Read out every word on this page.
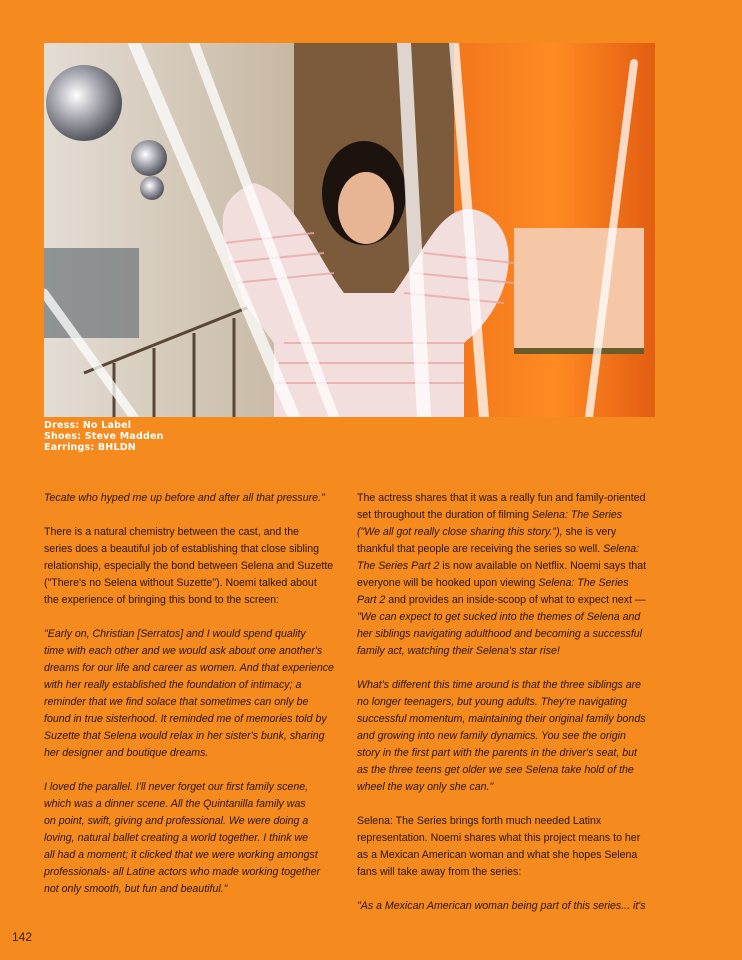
Dress: No Label
Shoes: Steve Madden
Earrings: BHLDN

Tecate who hyped me up before and after all that pressure."

There is a natural chemistry between the cast, and the
series does a beautiful job of establishing that close sibling
relationship, especially the bond between Selena and Suzette
("There's no Selena without Suzette"). Noemi talked about
the experience of bringing this bond to the screen:

"Early on, Christian [Serratos] and I would spend quality
time with each other and we would ask about one another's
dreams for our life and career as women. And that experience
with her really established the foundation of intimacy; a
reminder that we find solace that sometimes can only be
found in true sisterhood. It reminded me of memories told by
Suzette that Selena would relax in her sister's bunk, sharing
her designer and boutique dreams.

I loved the parallel. I'll never forget our first family scene,
which was a dinner scene. All the Quintanilla family was
on point, swift, giving and professional. We were doing a
loving, natural ballet creating a world together. I think we
all had a moment; it clicked that we were working amongst
professionals- all Latine actors who made working together
not only smooth, but fun and beautiful."

The actress shares that it was a really fun and family-oriented
set throughout the duration of filming Selena: The Series
("We all got really close sharing this story."), she is very
thankful that people are receiving the series so well. Selena:
The Series Part 2 is now available on Netflix. Noemi says that
everyone will be hooked upon viewing Selena: The Series
Part 2 and provides an inside-scoop of what to expect next —
"We can expect to get sucked into the themes of Selena and
her siblings navigating adulthood and becoming a successful
family act, watching their Selena's star rise!

What's different this time around is that the three siblings are
no longer teenagers, but young adults. They're navigating
successful momentum, maintaining their original family bonds
and growing into new family dynamics. You see the origin
story in the first part with the parents in the driver's seat, but
as the three teens get older we see Selena take hold of the
wheel the way only she can."

Selena: The Series brings forth much needed Latinx
representation. Noemi shares what this project means to her
as a Mexican American woman and what she hopes Selena
fans will take away from the series:

"As a Mexican American woman being part of this series... it's

142
